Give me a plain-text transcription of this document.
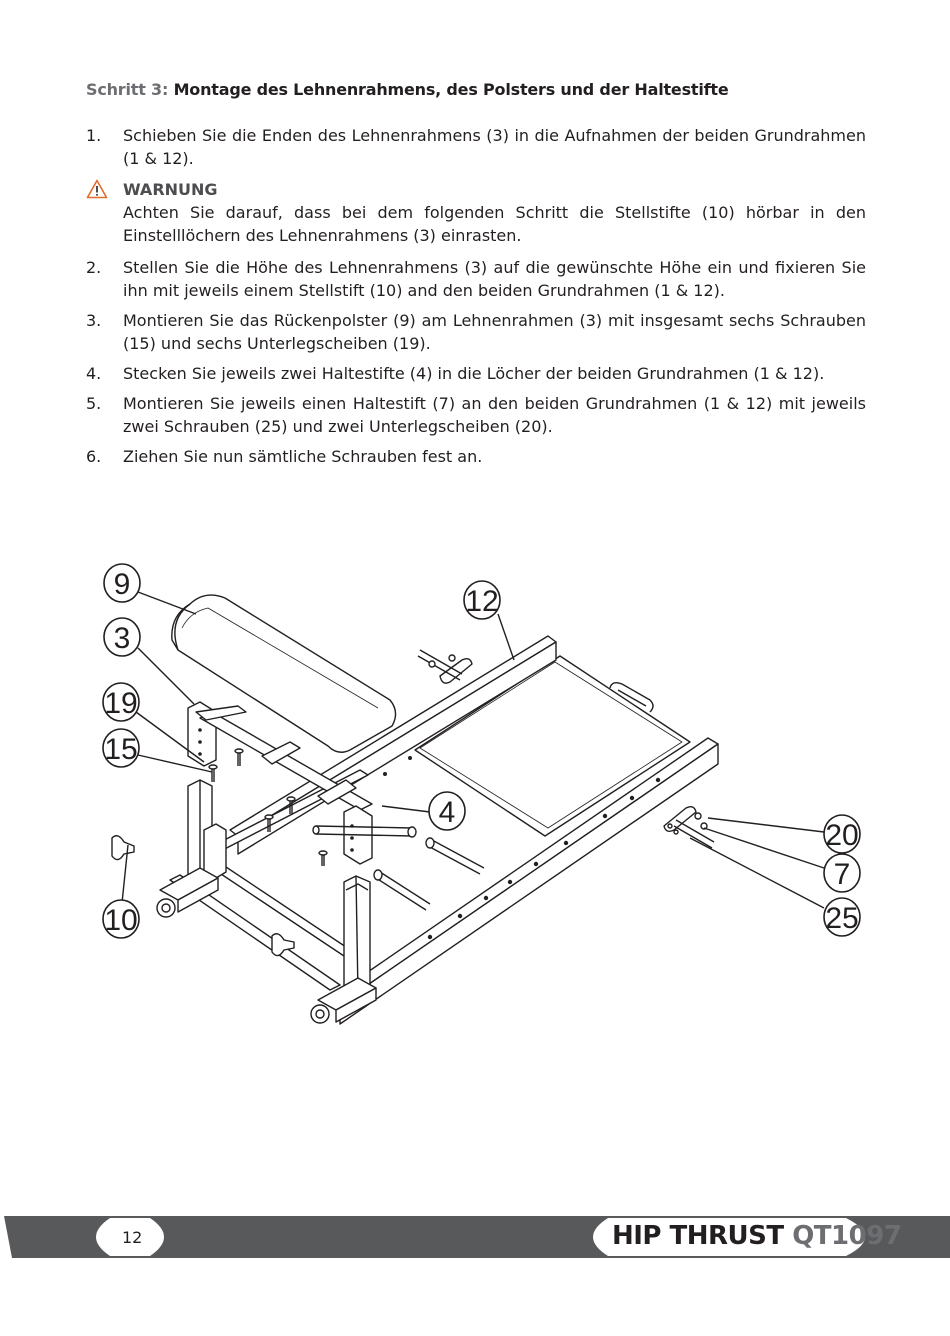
Schritt 3: Montage des Lehnenrahmens, des Polsters und der Haltestifte
1.	Schieben Sie die Enden des Lehnenrahmens (3) in die Aufnahmen der beiden Grundrahmen (1 & 12).
WARNUNG
Achten Sie darauf, dass bei dem folgenden Schritt die Stellstifte (10) hörbar in den Einstelllöchern des Lehnenrahmens (3) einrasten.
2.	Stellen Sie die Höhe des Lehnenrahmens (3) auf die gewünschte Höhe ein und fixieren Sie ihn mit jeweils einem Stellstift (10) and den beiden Grundrahmen (1 & 12).
3.	Montieren Sie das Rückenpolster (9) am Lehnenrahmen (3) mit insgesamt sechs Schrauben (15) und sechs Unterlegscheiben (19).
4.	Stecken Sie jeweils zwei Haltestifte (4) in die Löcher der beiden Grundrahmen (1 & 12).
5.	Montieren Sie jeweils einen Haltestift (7) an den beiden Grundrahmen (1 & 12) mit jeweils zwei Schrauben (25) und zwei Unterlegscheiben (20).
6.	Ziehen Sie nun sämtliche Schrauben fest an.
9
3
19
15
10
12
4
20
7
25
12	HIP THRUST QT1097
